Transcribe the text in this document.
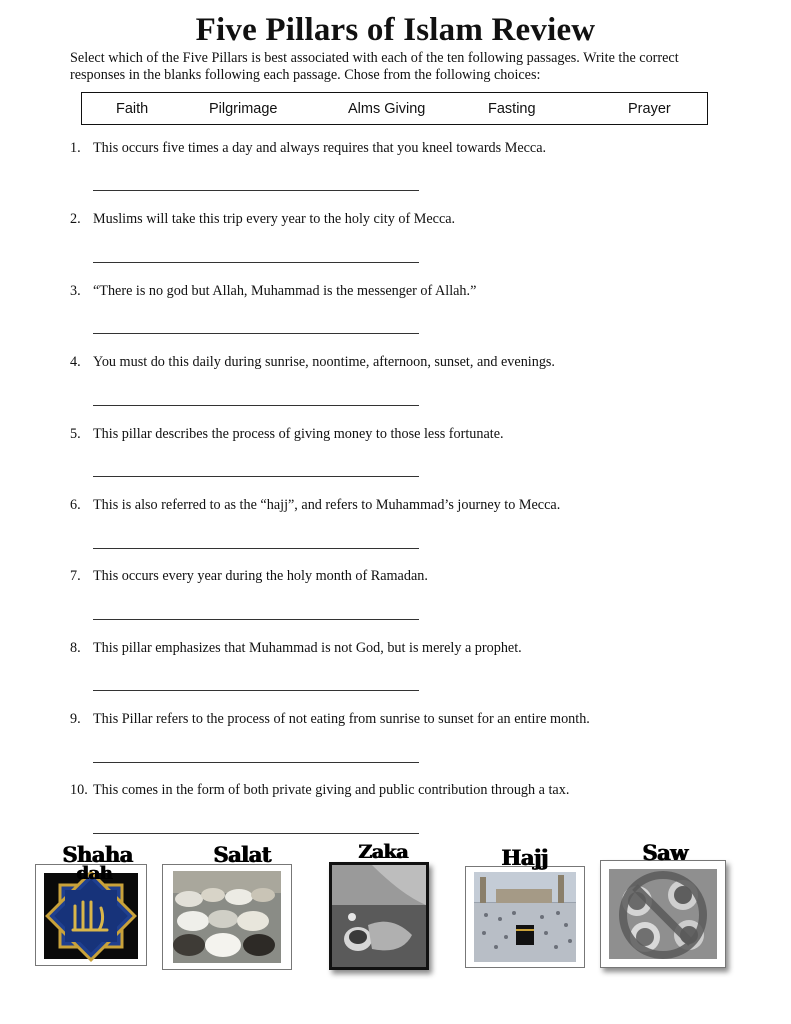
Five Pillars of Islam Review
Select which of the Five Pillars is best associated with each of the ten following passages. Write the correct responses in the blanks following each passage. Chose from the following choices:
Faith	Pilgrimage	Alms Giving	Fasting	Prayer
1. This occurs five times a day and always requires that you kneel towards Mecca.
2. Muslims will take this trip every year to the holy city of Mecca.
3. “There is no god but Allah, Muhammad is the messenger of Allah.”
4. You must do this daily during sunrise, noontime, afternoon, sunset, and evenings.
5. This pillar describes the process of giving money to those less fortunate.
6. This is also referred to as the “hajj”, and refers to Muhammad’s journey to Mecca.
7. This occurs every year during the holy month of Ramadan.
8. This pillar emphasizes that Muhammad is not God, but is merely a prophet.
9. This Pillar refers to the process of not eating from sunrise to sunset for an entire month.
10. This comes in the form of both private giving and public contribution through a tax.
Shaha
dah
Salat	Zaka	Hajj	Saw
